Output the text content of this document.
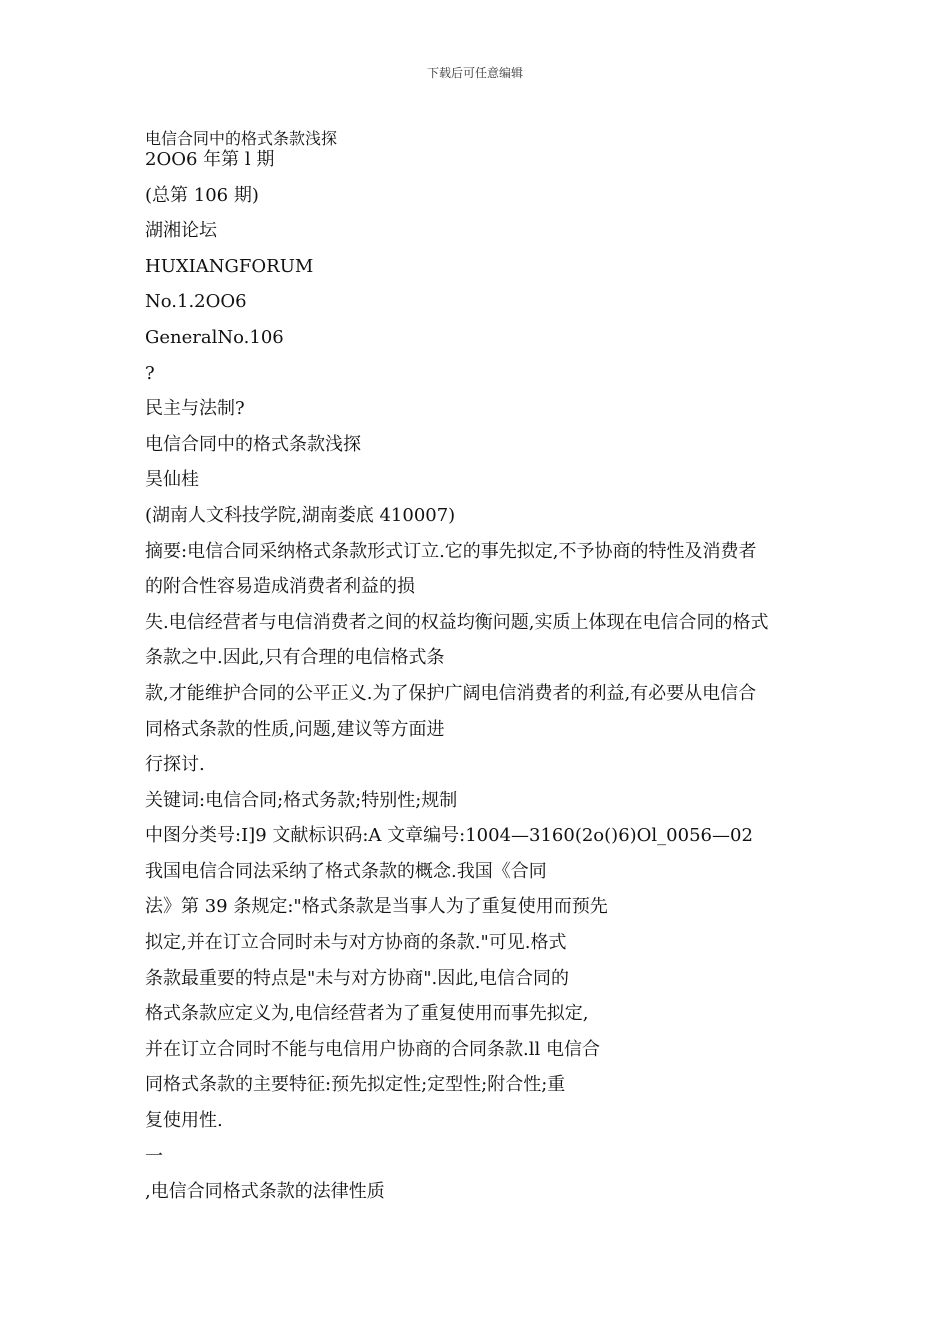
下载后可任意编辑
电信合同中的格式条款浅探
2OO6 年第 l 期
(总第 106 期)
湖湘论坛
HUXIANGFORUM
No.1.2OO6
GeneralNo.106
?
民主与法制?
电信合同中的格式条款浅探
昊仙桂
(湖南人文科技学院,湖南娄底 410007)
摘要:电信合同采纳格式条款形式订立.它的事先拟定,不予协商的特性及消费者
的附合性容易造成消费者利益的损
失.电信经营者与电信消费者之间的权益均衡问题,实质上体现在电信合同的格式
条款之中.因此,只有合理的电信格式条
款,才能维护合同的公平正义.为了保护广阔电信消费者的利益,有必要从电信合
同格式条款的性质,问题,建议等方面进
行探讨.
关键词:电信合同;格式务款;特别性;规制
中图分类号:I]9 文献标识码:A 文章编号:1004—3160(2o()6)Ol_0056—02
我国电信合同法采纳了格式条款的概念.我国《合同
法》第 39 条规定:"格式条款是当事人为了重复使用而预先
拟定,并在订立合同时未与对方协商的条款."可见.格式
条款最重要的特点是"未与对方协商".因此,电信合同的
格式条款应定义为,电信经营者为了重复使用而事先拟定,
并在订立合同时不能与电信用户协商的合同条款.ll 电信合
同格式条款的主要特征:预先拟定性;定型性;附合性;重
复使用性.
一
,电信合同格式条款的法律性质
